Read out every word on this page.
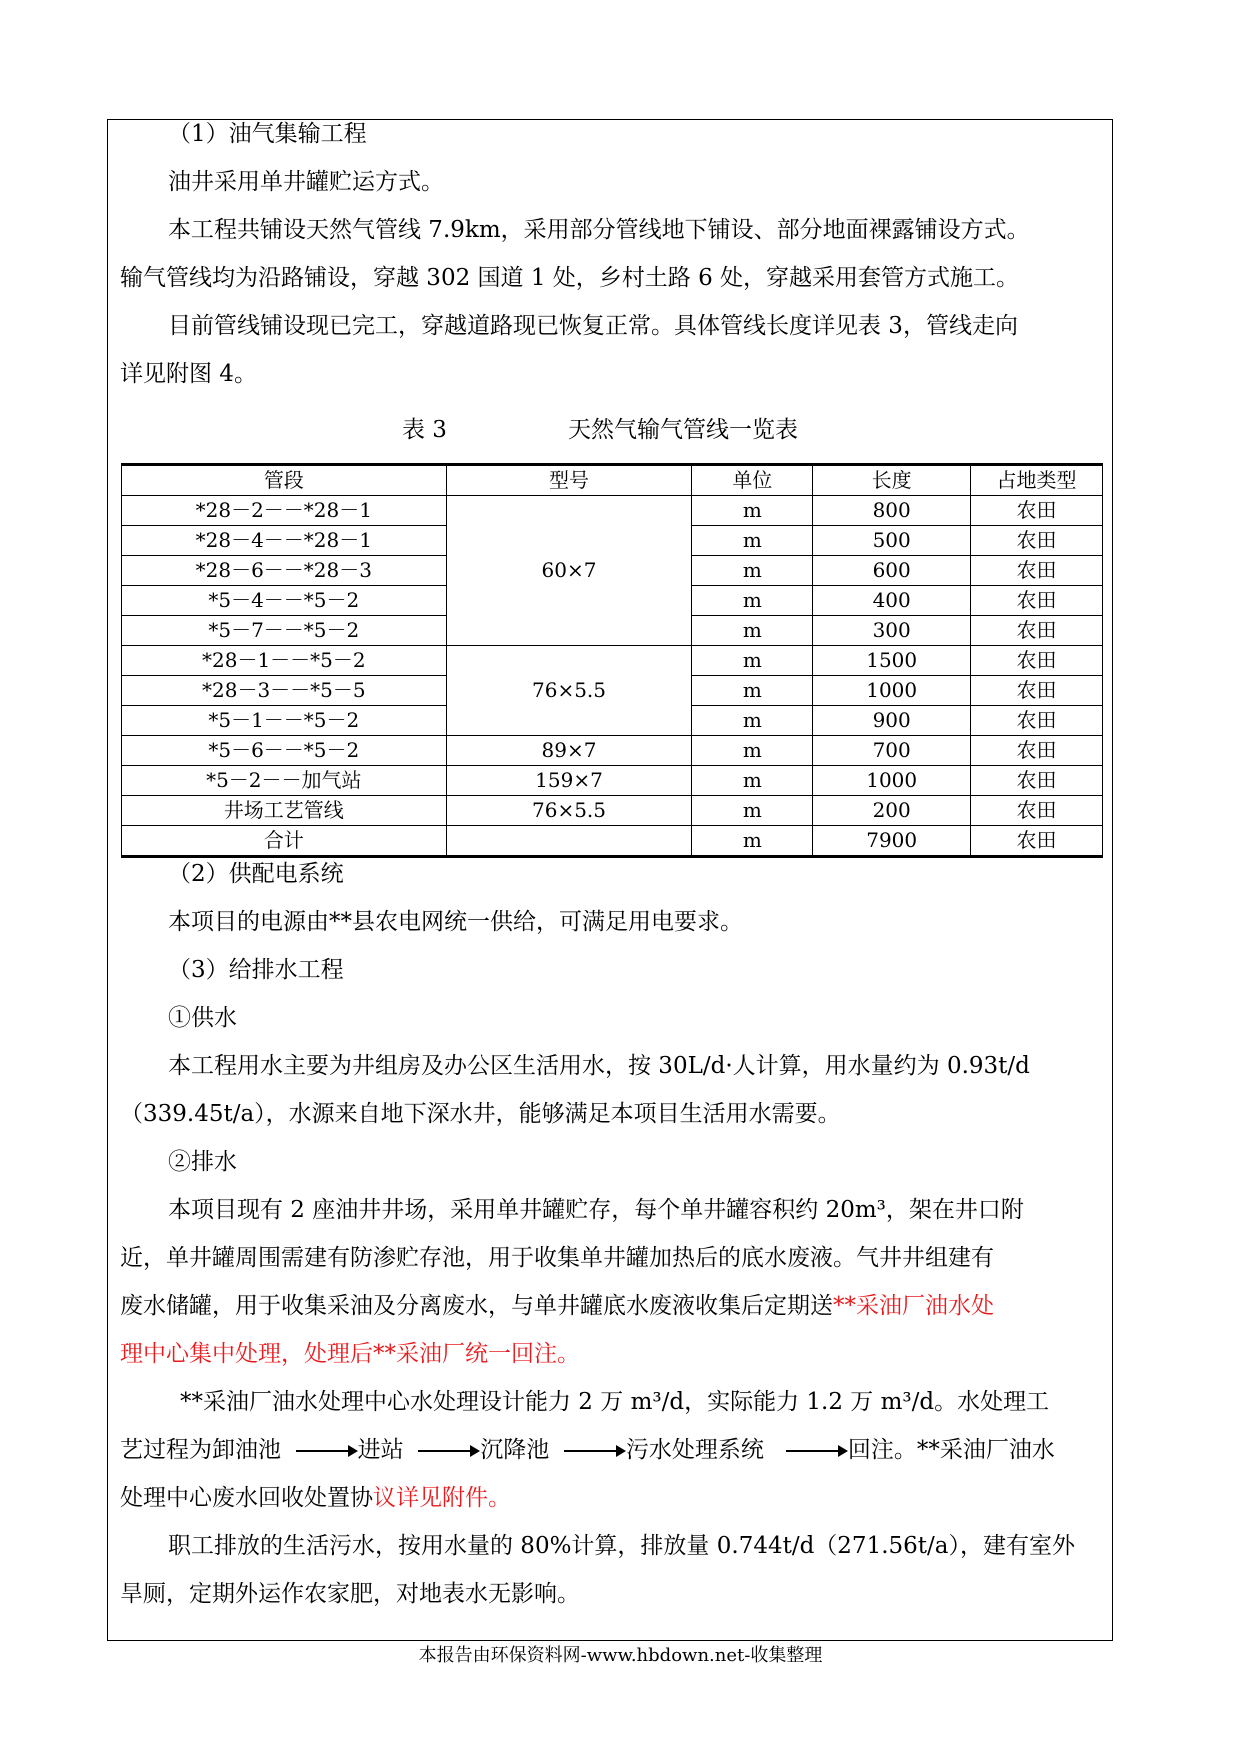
（1）油气集输工程

油井采用单井罐贮运方式。

本工程共铺设天然气管线 7.9km，采用部分管线地下铺设、部分地面裸露铺设方式。

输气管线均为沿路铺设，穿越 302 国道 1 处，乡村土路 6 处，穿越采用套管方式施工。

目前管线铺设现已完工，穿越道路现已恢复正常。具体管线长度详见表 3，管线走向

详见附图 4。

表 3	天然气输气管线一览表
管段	型号	单位	长度	占地类型
*28－2－－*28－1	60×7	m	800	农田
*28－4－－*28－1		m	500	农田
*28－6－－*28－3		m	600	农田
*5－4－－*5－2		m	400	农田
*5－7－－*5－2		m	300	农田
*28－1－－*5－2	76×5.5	m	1500	农田
*28－3－－*5－5		m	1000	农田
*5－1－－*5－2		m	900	农田
*5－6－－*5－2	89×7	m	700	农田
*5－2－－加气站	159×7	m	1000	农田
井场工艺管线	76×5.5	m	200	农田
合计		m	7900	农田

（2）供配电系统

本项目的电源由**县农电网统一供给，可满足用电要求。

（3）给排水工程

①供水

本工程用水主要为井组房及办公区生活用水，按 30L/d·人计算，用水量约为 0.93t/d

（339.45t/a），水源来自地下深水井，能够满足本项目生活用水需要。

②排水

本项目现有 2 座油井井场，采用单井罐贮存，每个单井罐容积约 20m³，架在井口附

近，单井罐周围需建有防渗贮存池，用于收集单井罐加热后的底水废液。气井井组建有

废水储罐，用于收集采油及分离废水，与单井罐底水废液收集后定期送**采油厂油水处

理中心集中处理，处理后**采油厂统一回注。

**采油厂油水处理中心水处理设计能力 2 万 m³/d，实际能力 1.2 万 m³/d。水处理工

艺过程为卸油池	进站	沉降池	污水处理系统	回注。**采油厂油水

处理中心废水回收处置协议详见附件。

职工排放的生活污水，按用水量的 80%计算，排放量 0.744t/d（271.56t/a），建有室外

旱厕，定期外运作农家肥，对地表水无影响。

本报告由环保资料网-www.hbdown.net-收集整理
